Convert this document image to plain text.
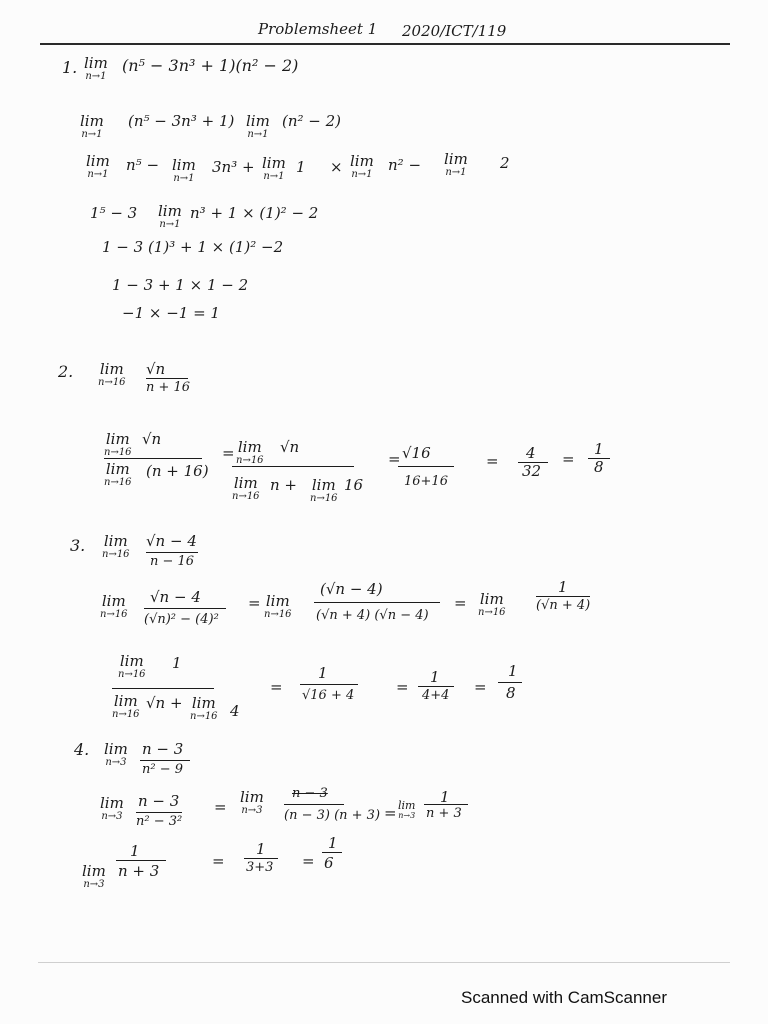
Problemsheet 1 2020/ICT/119
1. lim
n→1
(n⁵ − 3n³ + 1)(n² − 2)
lim
n→1
(n⁵ − 3n³ + 1) lim
n→1
(n² − 2)
lim
n→1
n⁵ − lim
n→1
3n³ + lim
n→1
1 × lim
n→1
n² − lim
n→1
2
1⁵ − 3 lim
n→1
n³ + 1 × (1)² − 2
1 − 3 (1)³ + 1 × (1)² −2
1 − 3 + 1 × 1 − 2
−1 × −1 = 1
2. lim
n→16
√n
n + 16
lim
n→16
√n
lim
n→16
(n + 16)
= lim
n→16
√n
lim
n→16
n + lim
n→16
16
= √16
16+16
= 4
32
=
1
8
3. lim
n→16
√n − 4
n − 16
lim
n→16
√n − 4
(√n)² − (4)²
= lim
n→16
(√n − 4)
(√n + 4) (√n − 4)
= lim
n→16
1
(√n + 4)
lim
n→16
1
lim
n→16
√n + lim
n→16 4
=
1
√16 + 4	=
1
4+4 =
1
8
4. lim
n→3
n − 3
n² − 9
lim
n→3
n − 3
n² − 3²
=
lim
n→3
n − 3
(n − 3) (n + 3) = lim
n→3
1
n + 3
1
lim
n→3
n + 3
=
1
3+3 =
1
6
Scanned with CamScanner
